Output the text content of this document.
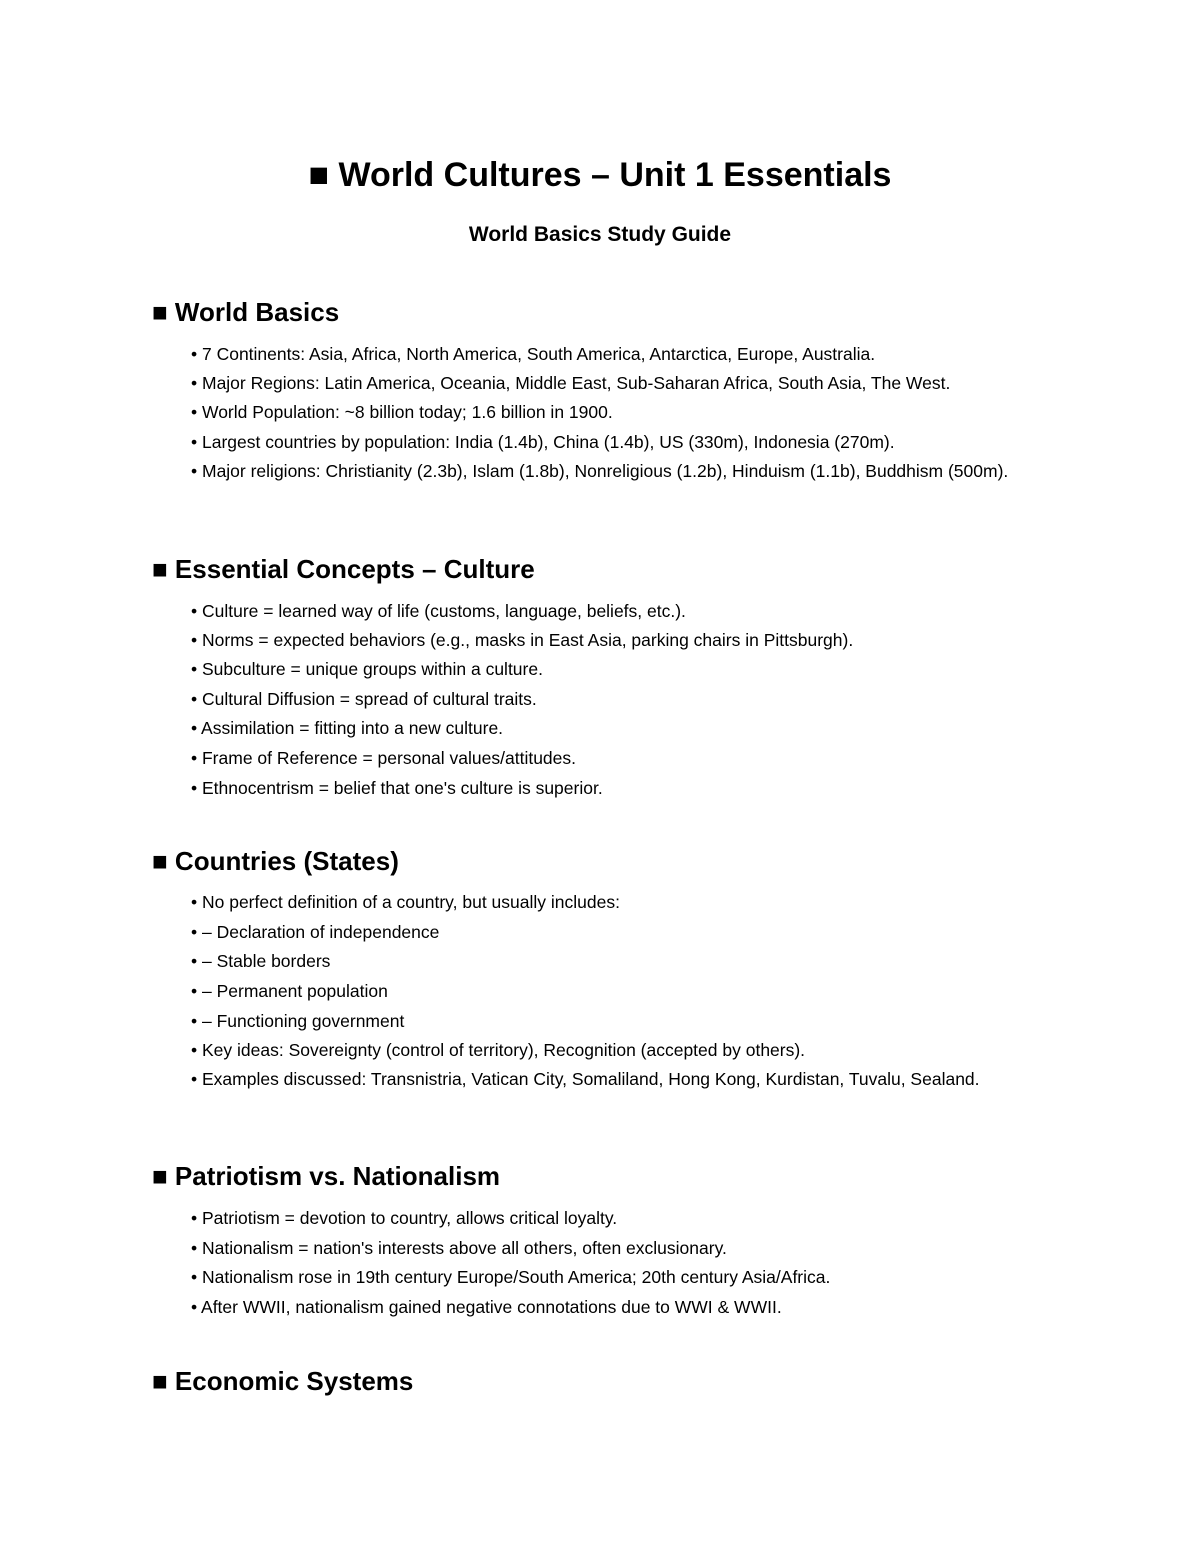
■ World Cultures – Unit 1 Essentials
World Basics Study Guide
■ World Basics
• 7 Continents: Asia, Africa, North America, South America, Antarctica, Europe, Australia.
• Major Regions: Latin America, Oceania, Middle East, Sub-Saharan Africa, South Asia, The West.
• World Population: ~8 billion today; 1.6 billion in 1900.
• Largest countries by population: India (1.4b), China (1.4b), US (330m), Indonesia (270m).
• Major religions: Christianity (2.3b), Islam (1.8b), Nonreligious (1.2b), Hinduism (1.1b), Buddhism (500m).
■ Essential Concepts – Culture
• Culture = learned way of life (customs, language, beliefs, etc.).
• Norms = expected behaviors (e.g., masks in East Asia, parking chairs in Pittsburgh).
• Subculture = unique groups within a culture.
• Cultural Diffusion = spread of cultural traits.
• Assimilation = fitting into a new culture.
• Frame of Reference = personal values/attitudes.
• Ethnocentrism = belief that one's culture is superior.
■ Countries (States)
• No perfect definition of a country, but usually includes:
• – Declaration of independence
• – Stable borders
• – Permanent population
• – Functioning government
• Key ideas: Sovereignty (control of territory), Recognition (accepted by others).
• Examples discussed: Transnistria, Vatican City, Somaliland, Hong Kong, Kurdistan, Tuvalu, Sealand.
■ Patriotism vs. Nationalism
• Patriotism = devotion to country, allows critical loyalty.
• Nationalism = nation's interests above all others, often exclusionary.
• Nationalism rose in 19th century Europe/South America; 20th century Asia/Africa.
• After WWII, nationalism gained negative connotations due to WWI & WWII.
■ Economic Systems
